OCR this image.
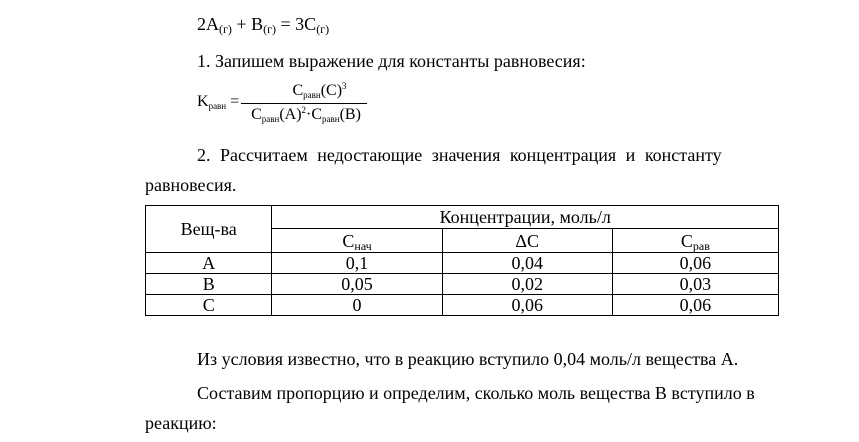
$2A_{(г)} + B_{(г)} = 3C_{(г)}$
1. Запишем выражение для константы равновесия:
$K_{равн}$ =
$C_{равн}(C)^3$
$C_{равн}(A)^2\cdot C_{равн}(B)$
2. Рассчитаем недостающие значения концентрация и константу
равновесия.
Вещ-ва	Концентрации, моль/л		
	$C_{нач}$	ΔC	$C_{рав}$
A	0,1	0,04	0,06
B	0,05	0,02	0,03
C	0	0,06	0,06
Из условия известно, что в реакцию вступило 0,04 моль/л вещества А.
Составим пропорцию и определим, сколько моль вещества В вступило в
реакцию:
